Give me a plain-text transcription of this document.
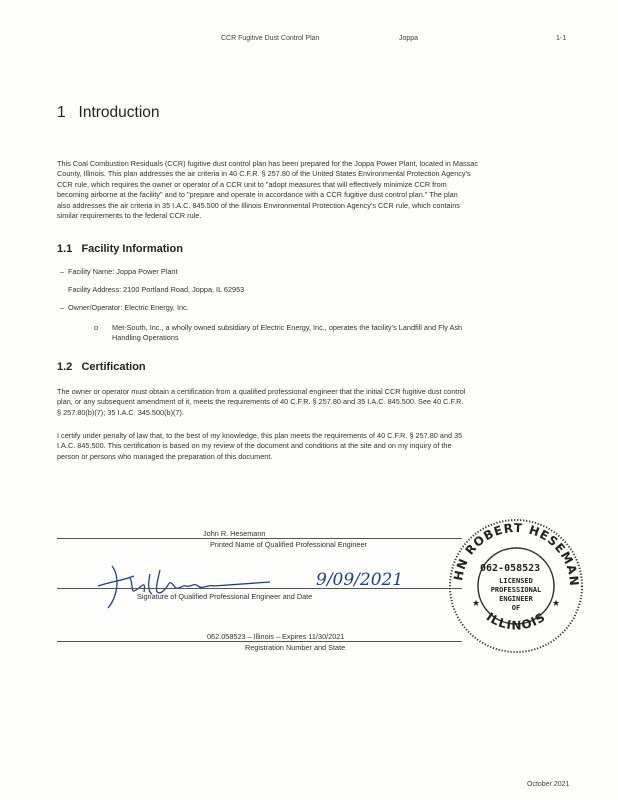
CCR Fugitive Dust Control Plan	Joppa	1-1
1   Introduction
This Coal Combustion Residuals (CCR) fugitive dust control plan has been prepared for the Joppa Power Plant, located in Massac
County, Illinois. This plan addresses the air criteria in 40 C.F.R. § 257.80 of the United States Environmental Protection Agency's
CCR rule, which requires the owner or operator of a CCR unit to "adopt measures that will effectively minimize CCR from
becoming airborne at the facility" and to "prepare and operate in accordance with a CCR fugitive dust control plan." The plan
also addresses the air criteria in 35 I.A.C. 845.500 of the Illinois Environmental Protection Agency's CCR rule, which contains
similar requirements to the federal CCR rule.
1.1   Facility Information
– Facility Name: Joppa Power Plant
Facility Address: 2100 Portland Road, Joppa, IL 62953
– Owner/Operator: Electric Energy, Inc.
o Met-South, Inc., a wholly owned subsidiary of Electric Energy, Inc., operates the facility's Landfill and Fly Ash
Handling Operations
1.2   Certification
The owner or operator must obtain a certification from a qualified professional engineer that the initial CCR fugitive dust control
plan, or any subsequent amendment of it, meets the requirements of 40 C.F.R. § 257.80 and 35 I.A.C. 845.500. See 40 C.F.R.
§ 257.80(b)(7); 35 I.A.C. 345.500(b)(7).
I certify under penalty of law that, to the best of my knowledge, this plan meets the requirements of 40 C.F.R. § 257.80 and 35
I.A.C. 845.500. This certification is based on my review of the document and conditions at the site and on my inquiry of the
person or persons who managed the preparation of this document.
John R. Hesemann
Printed Name of Qualified Professional Engineer
9/09/2021
Signature of Qualified Professional Engineer and Date
062.058523 – Illinois – Expires 11/30/2021
Registration Number and State
HN ROBERT HESEMAN
ILLINOIS
★	★
062-058523
LICENSED
PROFESSIONAL
ENGINEER
OF
October 2021
